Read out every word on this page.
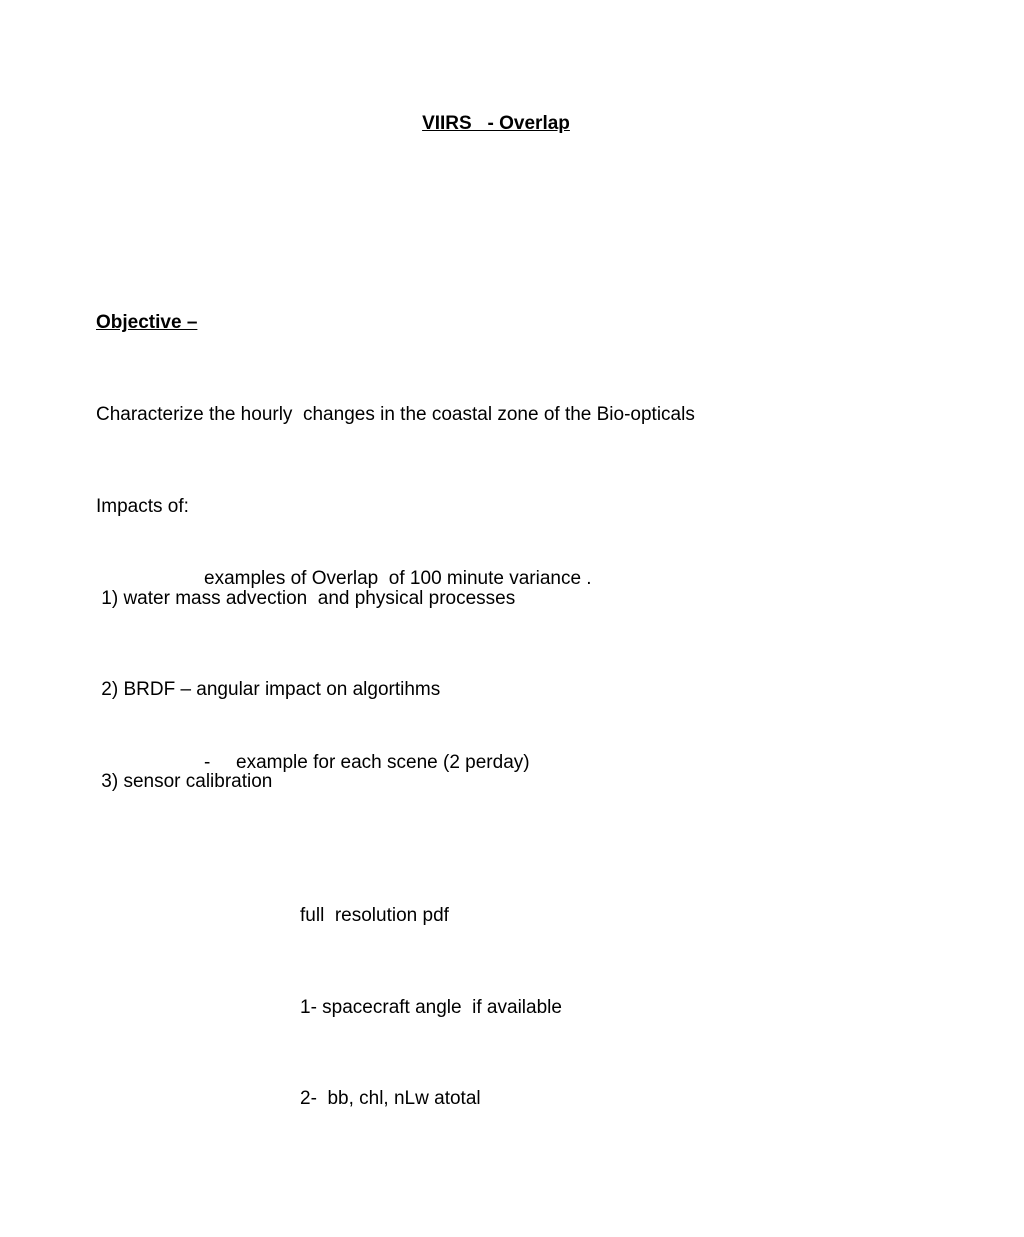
VIIRS   - Overlap

Objective –

Characterize the hourly  changes in the coastal zone of the Bio-opticals

Impacts of:

1) water mass advection  and physical processes

2) BRDF – angular impact on algortihms

3) sensor calibration

examples of Overlap  of 100 minute variance .

-	example for each scene (2 perday)

full  resolution pdf

1- spacecraft angle  if available

2-  bb, chl, nLw atotal
